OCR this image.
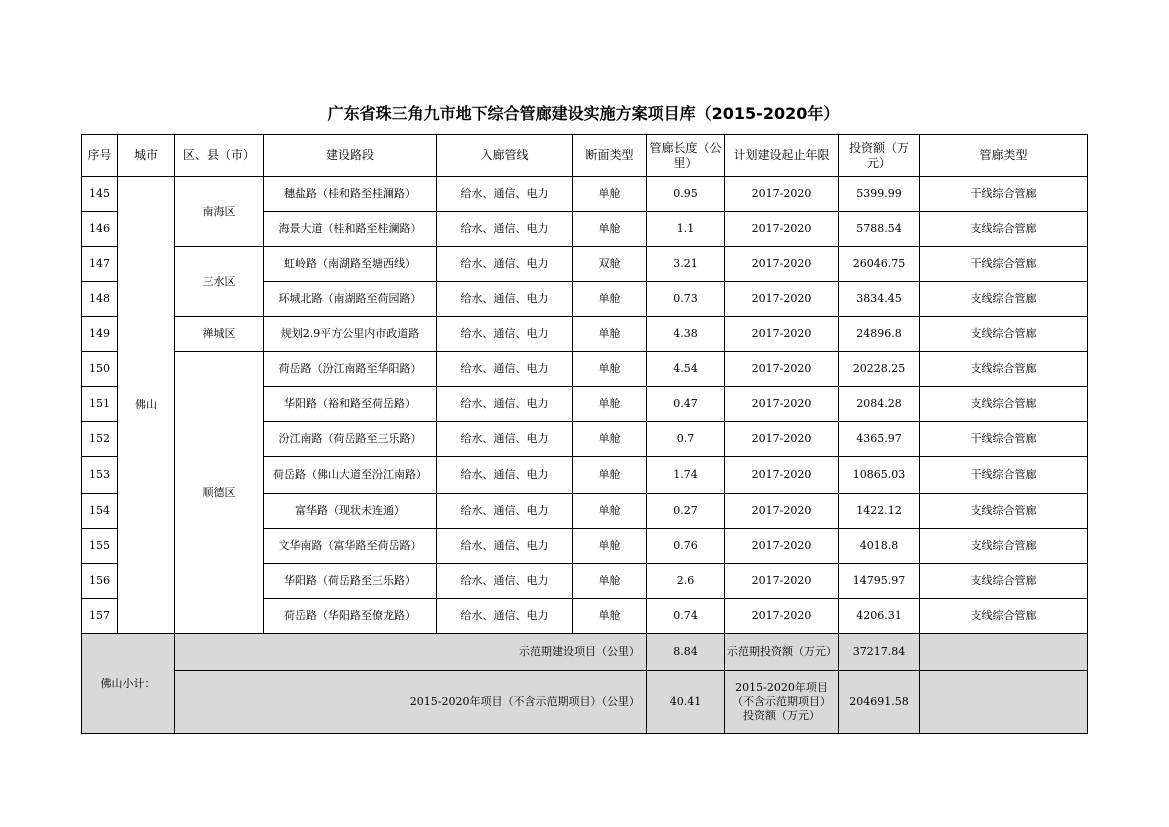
广东省珠三角九市地下综合管廊建设实施方案项目库（2015-2020年）
序号	城市	区、县（市）	建设路段	入廊管线	断面类型	管廊长度（公里）	计划建设起止年限	投资额（万元）	管廊类型
145	佛山	南海区	穗盐路（桂和路至桂澜路）	给水、通信、电力	单舱	0.95	2017-2020	5399.99	干线综合管廊
146			海景大道（桂和路至桂澜路）	给水、通信、电力	单舱	1.1	2017-2020	5788.54	支线综合管廊
147		三水区	虹岭路（南湖路至塘西线）	给水、通信、电力	双舱	3.21	2017-2020	26046.75	干线综合管廊
148			环城北路（南湖路至荷园路）	给水、通信、电力	单舱	0.73	2017-2020	3834.45	支线综合管廊
149		禅城区	规划2.9平方公里内市政道路	给水、通信、电力	单舱	4.38	2017-2020	24896.8	支线综合管廊
150		顺德区	荷岳路（汾江南路至华阳路）	给水、通信、电力	单舱	4.54	2017-2020	20228.25	支线综合管廊
151			华阳路（裕和路至荷岳路）	给水、通信、电力	单舱	0.47	2017-2020	2084.28	支线综合管廊
152			汾江南路（荷岳路至三乐路）	给水、通信、电力	单舱	0.7	2017-2020	4365.97	干线综合管廊
153			荷岳路（佛山大道至汾江南路）	给水、通信、电力	单舱	1.74	2017-2020	10865.03	干线综合管廊
154			富华路（现状未连通）	给水、通信、电力	单舱	0.27	2017-2020	1422.12	支线综合管廊
155			文华南路（富华路至荷岳路）	给水、通信、电力	单舱	0.76	2017-2020	4018.8	支线综合管廊
156			华阳路（荷岳路至三乐路）	给水、通信、电力	单舱	2.6	2017-2020	14795.97	支线综合管廊
157			荷岳路（华阳路至僚龙路）	给水、通信、电力	单舱	0.74	2017-2020	4206.31	支线综合管廊
佛山小计：		示范期建设项目（公里）				8.84	示范期投资额（万元）	37217.84	
		2015-2020年项目（不含示范期项目）（公里）				40.41	2015-2020年项目（不含示范期项目）投资额（万元）	204691.58	
